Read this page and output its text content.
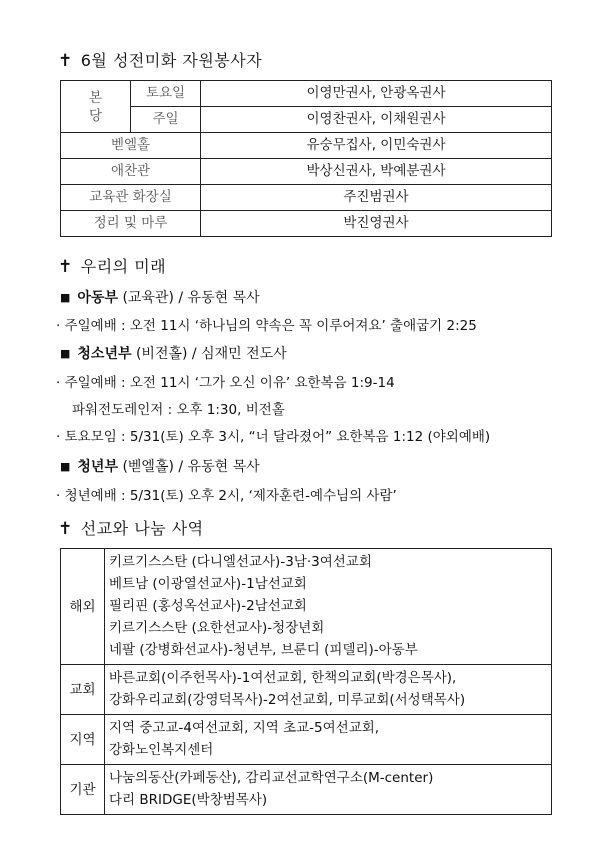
✝ 6월 성전미화 자원봉사자
본
당	토요일	이영만권사, 안광옥권사
	주일	이영찬권사, 이채원권사
벧엘홀		유숭무집사, 이민숙권사
애찬관		박상신권사, 박예분권사
교육관 화장실		주진범권사
정리 및 마루		박진영권사
✝ 우리의 미래
■ 아동부 (교육관) / 유동현 목사
· 주일예배 : 오전 11시 ‘하나님의 약속은 꼭 이루어져요’ 출애굽기 2:25
■ 청소년부 (비전홀) / 심재민 전도사
· 주일예배 : 오전 11시 ‘그가 오신 이유’ 요한복음 1:9-14
파워전도레인저 : 오후 1:30, 비전홀
· 토요모임 : 5/31(토) 오후 3시, “너 달라졌어” 요한복음 1:12 (야외예배)
■ 청년부 (벧엘홀) / 유동현 목사
· 청년예배 : 5/31(토) 오후 2시, ‘제자훈련-예수님의 사람’
✝ 선교와 나눔 사역
해외	키르기스스탄 (다니엘선교사)-3남·3여선교회
베트남 (이광열선교사)-1남선교회
필리핀 (홍성옥선교사)-2남선교회
키르기스스탄 (요한선교사)-청장년회
네팔 (강병화선교사)-청년부, 브룬디 (피델리)-아동부

교회	바른교회(이주헌목사)-1여선교회, 한책의교회(박경은목사),
강화우리교회(강영덕목사)-2여선교회, 미루교회(서성택목사)

지역	지역 중고교-4여선교회, 지역 초교-5여선교회,
강화노인복지센터

기관	나눔의동산(카페동산), 감리교선교학연구소(M-center)
다리 BRIDGE(박창범목사)
